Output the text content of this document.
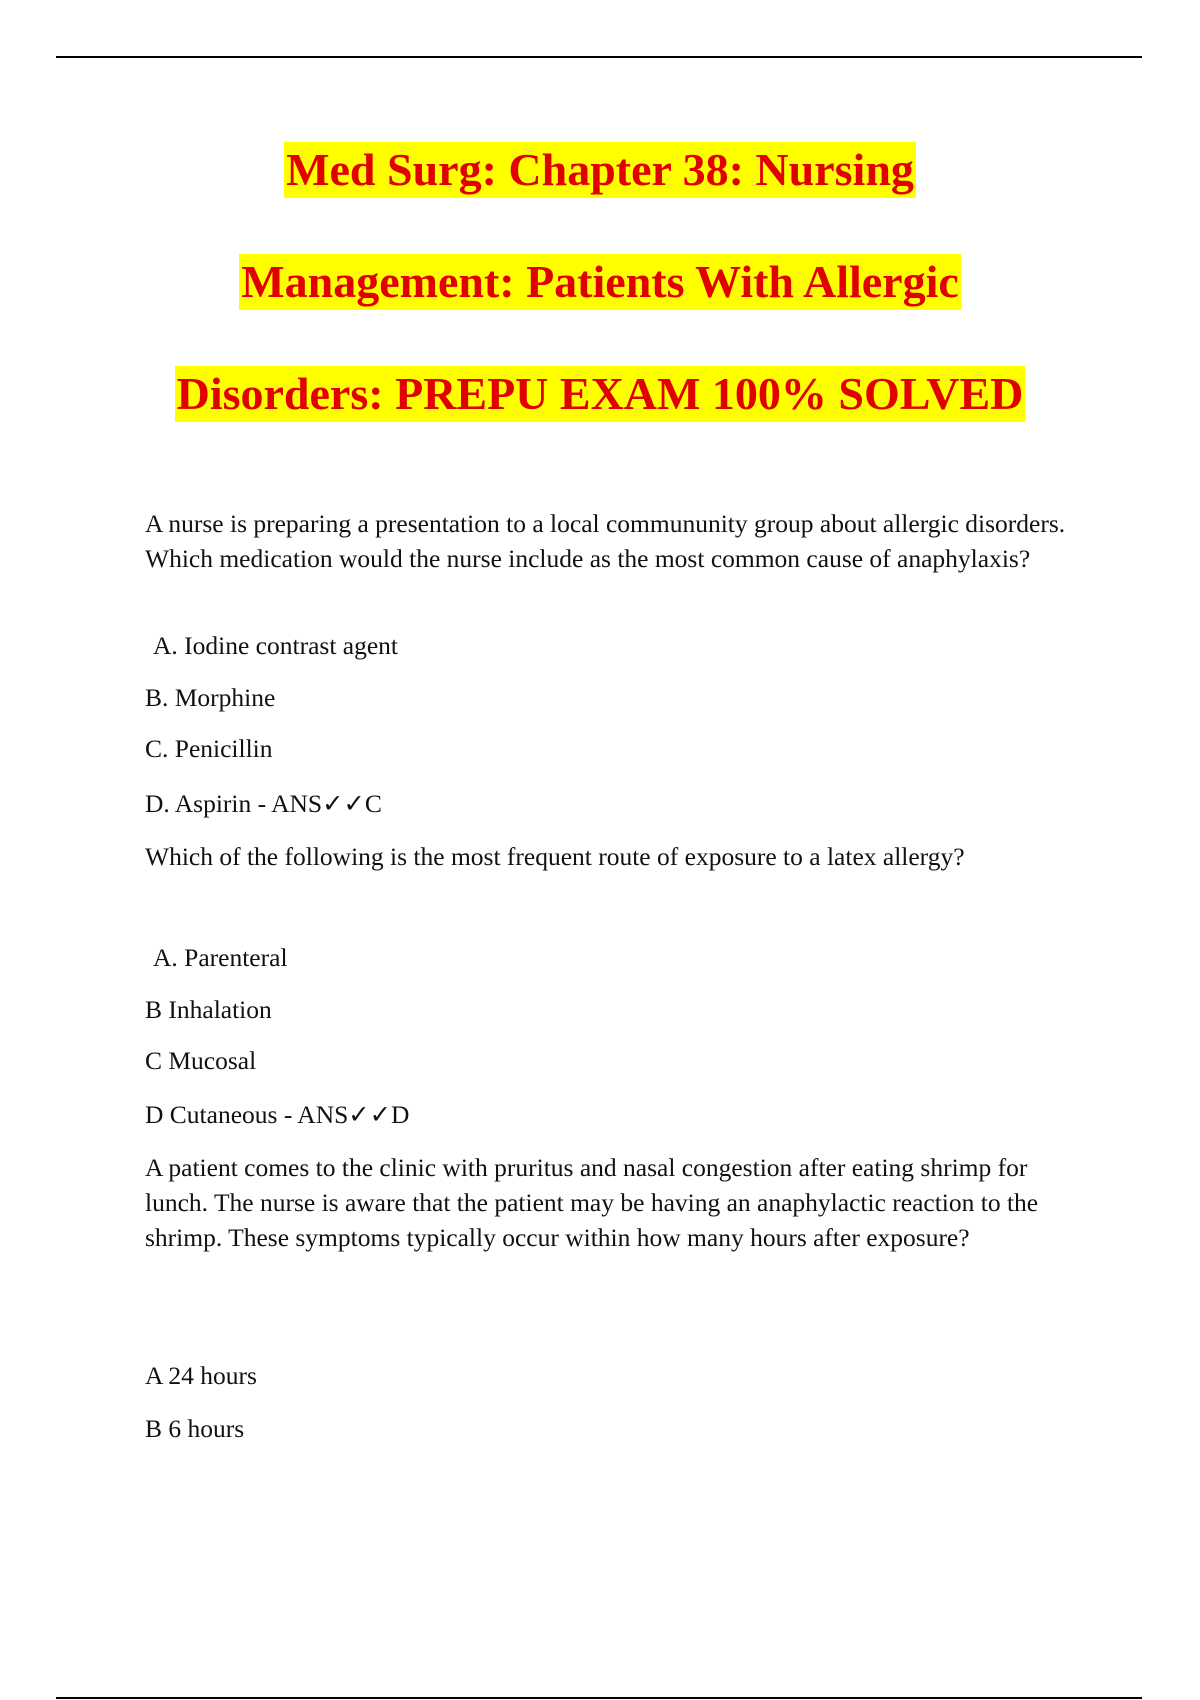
Med Surg: Chapter 38: Nursing
Management: Patients With Allergic
Disorders: PREPU EXAM 100% SOLVED

A nurse is preparing a presentation to a local commununity group about allergic disorders. Which medication would the nurse include as the most common cause of anaphylaxis?

A. Iodine contrast agent

B. Morphine

C. Penicillin

D. Aspirin - ANS✓✓C

Which of the following is the most frequent route of exposure to a latex allergy?

A. Parenteral

B Inhalation

C Mucosal

D Cutaneous - ANS✓✓D

A patient comes to the clinic with pruritus and nasal congestion after eating shrimp for lunch. The nurse is aware that the patient may be having an anaphylactic reaction to the shrimp. These symptoms typically occur within how many hours after exposure?

A 24 hours

B 6 hours
